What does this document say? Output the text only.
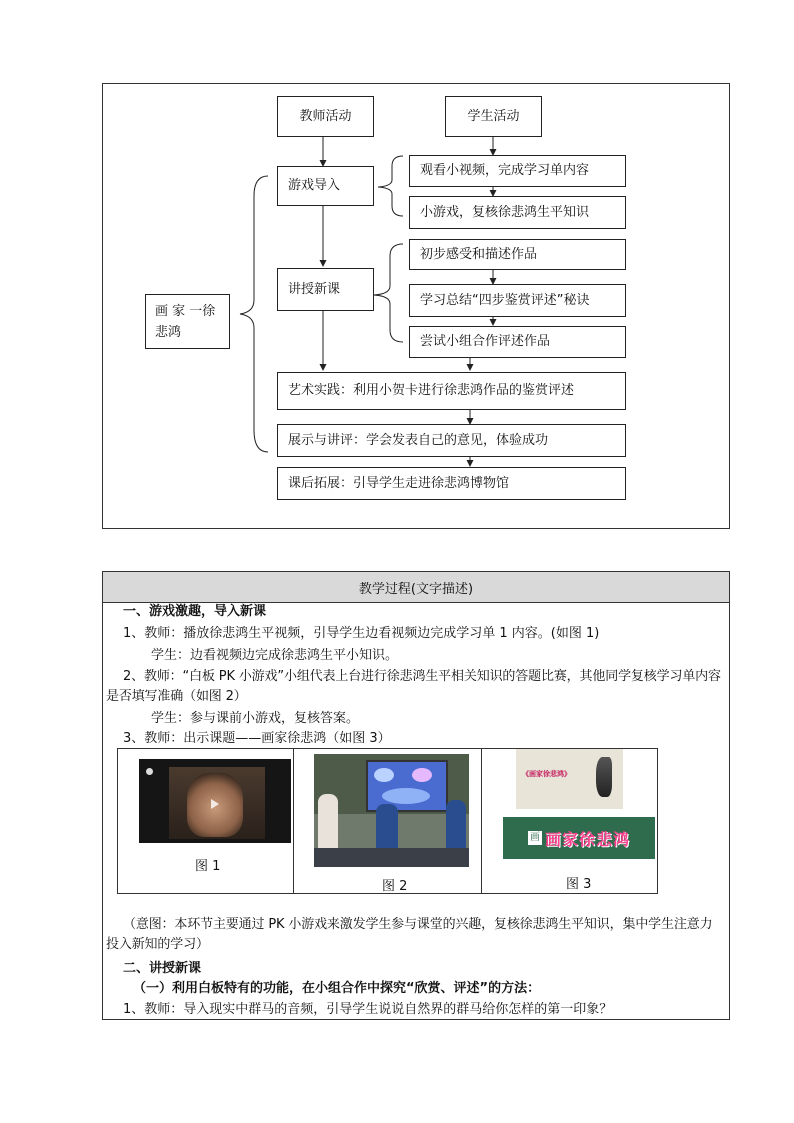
教师活动	学生活动
游戏导入
讲授新课
画 家 一徐悲鸿
观看小视频，完成学习单内容
小游戏，复核徐悲鸿生平知识
初步感受和描述作品
学习总结“四步鉴赏评述”秘诀
尝试小组合作评述作品
艺术实践：利用小贺卡进行徐悲鸿作品的鉴赏评述
展示与讲评：学会发表自己的意见，体验成功
课后拓展：引导学生走进徐悲鸿博物馆
教学过程(文字描述)
一、游戏激趣，导入新课
1、教师：播放徐悲鸿生平视频，引导学生边看视频边完成学习单 1 内容。(如图 1)
学生：边看视频边完成徐悲鸿生平小知识。
2、教师：“白板 PK 小游戏”小组代表上台进行徐悲鸿生平相关知识的答题比赛，其他同学复核学习单内容是否填写准确（如图 2）
学生：参与课前小游戏，复核答案。
3、教师：出示课题——画家徐悲鸿（如图 3）
图 1
图 2
《画家徐悲鸿》
画 画家徐悲鸿
图 3
（意图：本环节主要通过 PK 小游戏来激发学生参与课堂的兴趣，复核徐悲鸿生平知识，集中学生注意力投入新知的学习）
二、讲授新课
（一）利用白板特有的功能，在小组合作中探究“欣赏、评述”的方法：
1、教师：导入现实中群马的音频，引导学生说说自然界的群马给你怎样的第一印象？
